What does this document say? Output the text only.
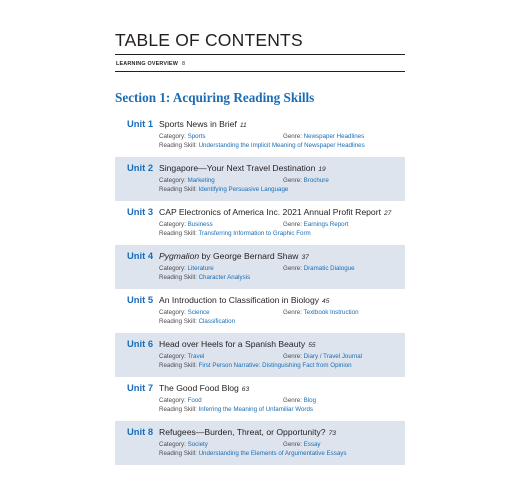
TABLE OF CONTENTS
LEARNING OVERVIEW 8
Section 1: Acquiring Reading Skills
Unit 1 Sports News in Brief 11
Category: Sports	Genre: Newspaper Headlines
Reading Skill: Understanding the Implicit Meaning of Newspaper Headlines
Unit 2 Singapore—Your Next Travel Destination 19
Category: Marketing	Genre: Brochure
Reading Skill: Identifying Persuasive Language
Unit 3 CAP Electronics of America Inc. 2021 Annual Profit Report 27
Category: Business	Genre: Earnings Report
Reading Skill: Transferring Information to Graphic Form
Unit 4 Pygmalion by George Bernard Shaw 37
Category: Literature	Genre: Dramatic Dialogue
Reading Skill: Character Analysis
Unit 5 An Introduction to Classification in Biology 45
Category: Science	Genre: Textbook Instruction
Reading Skill: Classification
Unit 6 Head over Heels for a Spanish Beauty 55
Category: Travel	Genre: Diary / Travel Journal
Reading Skill: First Person Narrative: Distinguishing Fact from Opinion
Unit 7 The Good Food Blog 63
Category: Food	Genre: Blog
Reading Skill: Inferring the Meaning of Unfamiliar Words
Unit 8 Refugees—Burden, Threat, or Opportunity? 73
Category: Society	Genre: Essay
Reading Skill: Understanding the Elements of Argumentative Essays
